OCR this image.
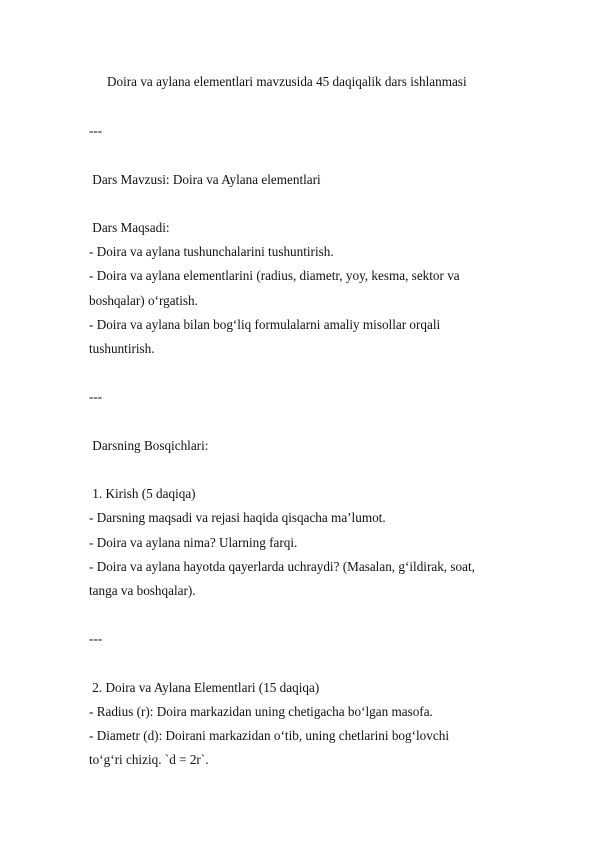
Doira va aylana elementlari mavzusida 45 daqiqalik dars ishlanmasi

---

Dars Mavzusi: Doira va Aylana elementlari

Dars Maqsadi:

- Doira va aylana tushunchalarini tushuntirish.

- Doira va aylana elementlarini (radius, diametr, yoy, kesma, sektor va

boshqalar) o‘rgatish.

- Doira va aylana bilan bog‘liq formulalarni amaliy misollar orqali

tushuntirish.

---

Darsning Bosqichlari:

1. Kirish (5 daqiqa)

- Darsning maqsadi va rejasi haqida qisqacha ma’lumot.

- Doira va aylana nima? Ularning farqi.

- Doira va aylana hayotda qayerlarda uchraydi? (Masalan, g‘ildirak, soat,

tanga va boshqalar).

---

2. Doira va Aylana Elementlari (15 daqiqa)

- Radius (r): Doira markazidan uning chetigacha bo‘lgan masofa.

- Diametr (d): Doirani markazidan o‘tib, uning chetlarini bog‘lovchi

to‘g‘ri chiziq. `d = 2r`.
